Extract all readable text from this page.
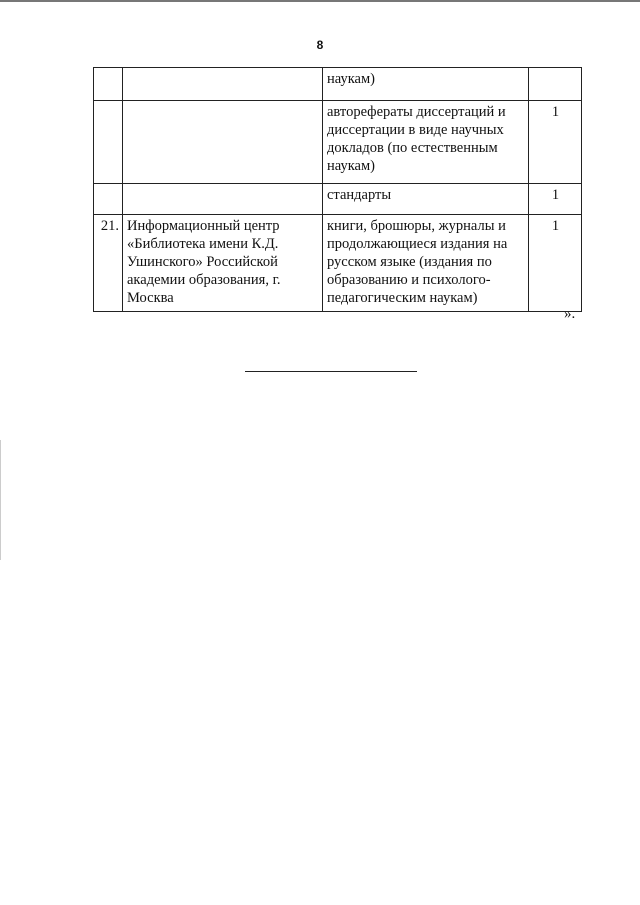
8
		наукам)	
		автореферaты диссертаций и диссертации в виде научных докладов (по естественным наукам)	1
		стандарты	1
21.	Информационный центр «Библиотека имени К.Д. Ушинского» Российской академии образования, г. Москва	книги, брошюры, журналы и продолжающиеся издания на русском языке (издания по образованию и психолого-педагогическим наукам)	1
».
